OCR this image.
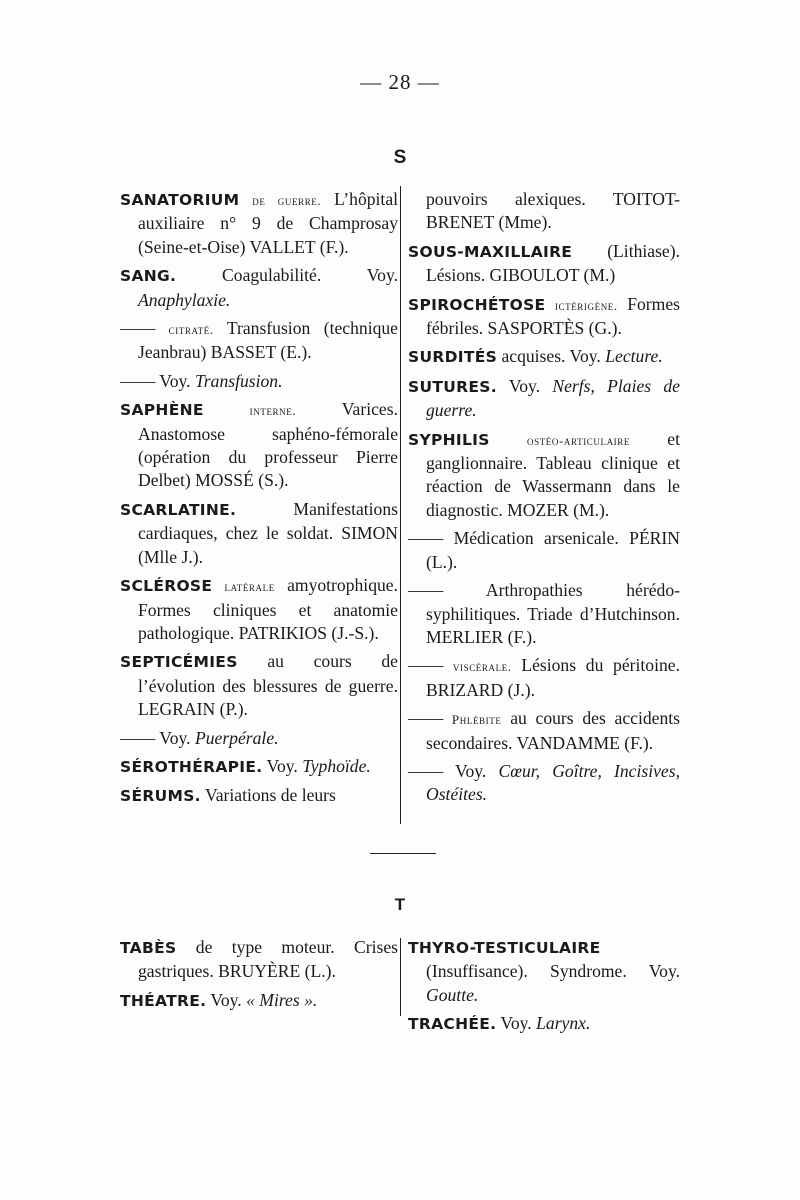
— 28 —
S
SANATORIUM de guerre. L’hôpital auxiliaire n° 9 de Champrosay (Seine-et-Oise) VALLET (F.).
SANG.	Coagulabilité. Voy. Anaphylaxie.
—— citraté. Transfusion (technique Jeanbrau) BASSET (E.).
—— Voy. Transfusion.
SAPHÈNE	interne.	Varices. Anastomose saphéno-fémorale (opération du professeur Pierre Delbet) MOSSÉ (S.).
SCARLATINE.	Manifestations cardiaques, chez le soldat. SIMON (Mlle J.).
SCLÉROSE latérale amyotrophique. Formes cliniques et anatomie pathologique. PATRIKIOS (J.-S.).
SEPTICÉMIES au cours de l’évolution des blessures de guerre. LEGRAIN (P.).
—— Voy. Puerpérale.
SÉROTHÉRAPIE. Voy. Typhoïde.
SÉRUMS. Variations de leurs
pouvoirs alexiques. TOITOT-BRENET (Mme).
SOUS-MAXILLAIRE (Lithiase). Lésions. GIBOULOT (M.)
SPIROCHÉTOSE ictérigène. Formes fébriles. SASPORTÈS (G.).
SURDITÉS acquises. Voy. Lecture.
SUTURES. Voy. Nerfs, Plaies de guerre.
SYPHILIS	ostéo-articulaire et ganglionnaire. Tableau clinique et réaction de Wassermann dans le diagnostic. MOZER (M.).
—— Médication arsenicale. PÉRIN (L.).
—— Arthropathies hérédo-syphilitiques. Triade d’Hutchinson. MERLIER (F.).
—— viscérale. Lésions du péritoine. BRIZARD (J.).
—— Phlébite au cours des accidents secondaires. VANDAMME (F.).
—— Voy. Cœur, Goître, Incisives, Ostéites.
T
TABÈS de type moteur. Crises gastriques. BRUYÈRE (L.).
THÉATRE. Voy. « Mires ».
THYRO-TESTICULAIRE (Insuffisance). Syndrome. Voy. Goutte.
TRACHÉE. Voy. Larynx.
